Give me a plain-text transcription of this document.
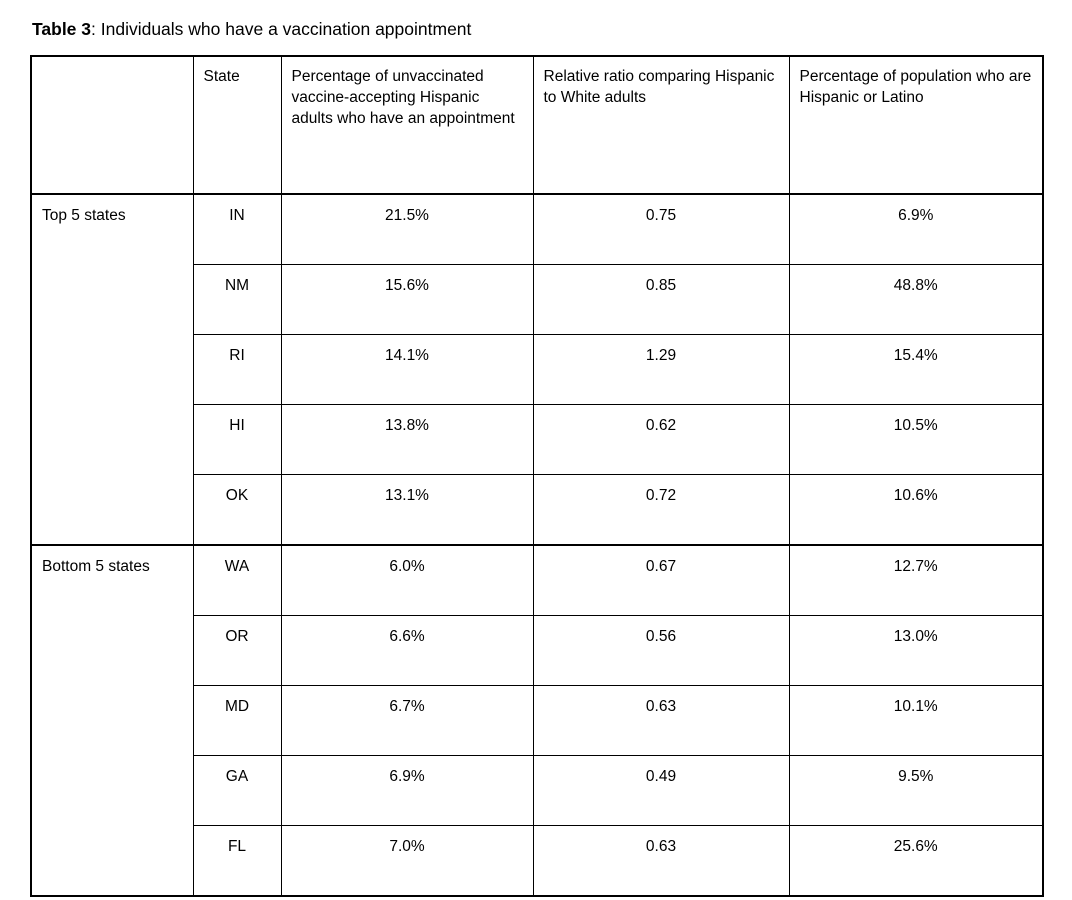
Table 3: Individuals who have a vaccination appointment

	State	Percentage of unvaccinated vaccine-accepting Hispanic adults who have an appointment	Relative ratio comparing Hispanic to White adults	Percentage of population who are Hispanic or Latino
Top 5 states	IN	21.5%	0.75	6.9%
	NM	15.6%	0.85	48.8%
	RI	14.1%	1.29	15.4%
	HI	13.8%	0.62	10.5%
	OK	13.1%	0.72	10.6%
Bottom 5 states	WA	6.0%	0.67	12.7%
	OR	6.6%	0.56	13.0%
	MD	6.7%	0.63	10.1%
	GA	6.9%	0.49	9.5%
	FL	7.0%	0.63	25.6%
